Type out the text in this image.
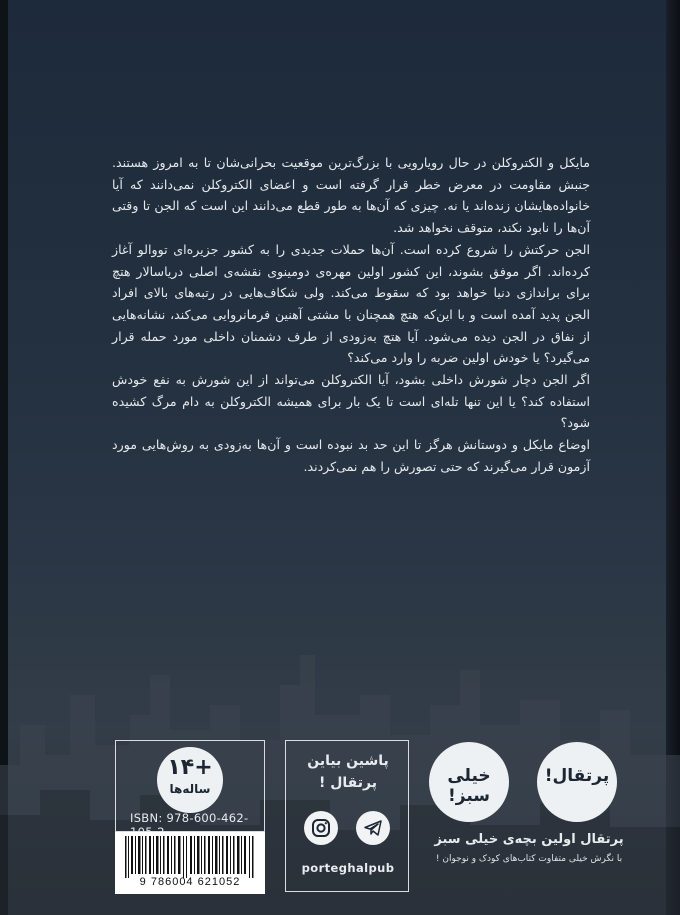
مایکل و الکتروکلن در حال رویارویی با بزرگ‌ترین موقعیت بحرانی‌شان تا به امروز هستند. جنبش مقاومت در معرض خطر قرار گرفته است و اعضای الکتروکلن نمی‌دانند که آیا خانواده‌هایشان زنده‌اند یا نه. چیزی که آن‌ها به طور قطع می‌دانند این است که الجن تا وقتی آن‌ها را نابود نکند، متوقف نخواهد شد.

الجن حرکتش را شروع کرده است. آن‌ها حملات جدیدی را به کشور جزیره‌ای تووالو آغاز کرده‌اند. اگر موفق بشوند، این کشور اولین مهره‌ی دومینوی نقشه‌ی اصلی دریاسالار هتچ برای براندازی دنیا خواهد بود که سقوط می‌کند. ولی شکاف‌هایی در رتبه‌های بالای افراد الجن پدید آمده است و با این‌که هتچ همچنان با مشتی آهنین فرمانروایی می‌کند، نشانه‌هایی از نفاق در الجن دیده می‌شود. آیا هتچ به‌زودی از طرف دشمنان داخلی مورد حمله قرار می‌گیرد؟ یا خودش اولین ضربه را وارد می‌کند؟

اگر الجن دچار شورش داخلی بشود، آیا الکتروکلن می‌تواند از این شورش به نفع خودش استفاده کند؟ یا این تنها تله‌ای است تا یک بار برای همیشه الکتروکلن به دام مرگ کشیده شود؟

اوضاع مایکل و دوستانش هرگز تا این حد بد نبوده است و آن‌ها به‌زودی به روش‌هایی مورد آزمون قرار می‌گیرند که حتی تصورش را هم نمی‌کردند.

+۱۴
ساله‌ها
ISBN: 978-600-462-
9 786004 621052
پاشین بیاین
پرتقال !
porteghalpub
خیلی سبز!
پرتقال!
پرتقال اولین بچه‌ی خیلی سبز
با نگرش خیلی متفاوت کتاب‌های کودک و نوجوان !
